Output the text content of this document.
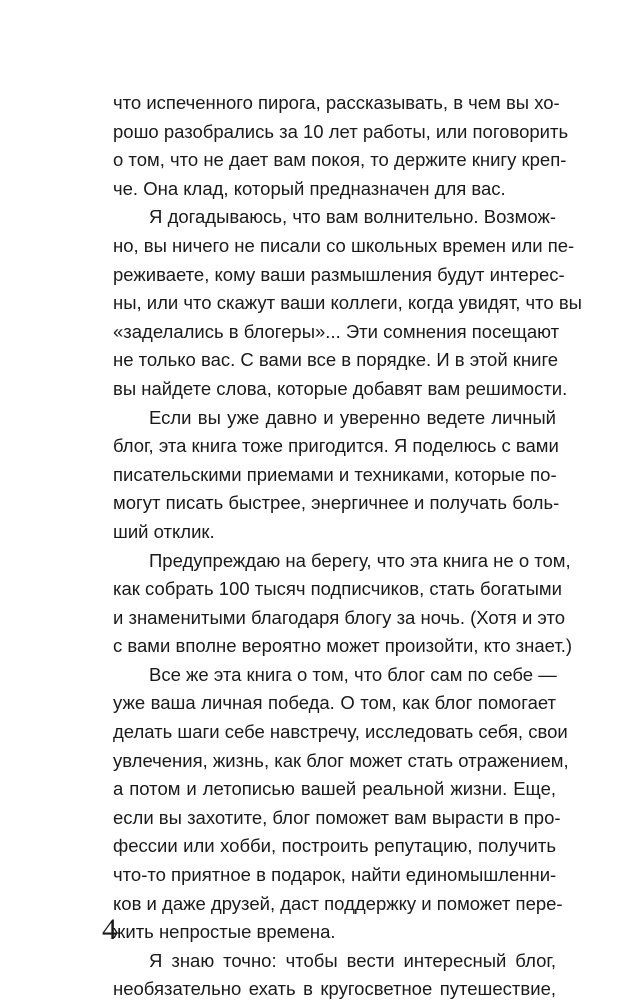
что испеченного пирога, рассказывать, в чем вы хо-
рошо разобрались за 10 лет работы, или поговорить
о том, что не дает вам покоя, то держите книгу креп-
че. Она клад, который предназначен для вас.
Я догадываюсь, что вам волнительно. Возмож-
но, вы ничего не писали со школьных времен или пе-
реживаете, кому ваши размышления будут интерес-
ны, или что скажут ваши коллеги, когда увидят, что вы
«заделались в блогеры»... Эти сомнения посещают
не только вас. С вами все в порядке. И в этой книге
вы найдете слова, которые добавят вам решимости.
Если вы уже давно и уверенно ведете личный
блог, эта книга тоже пригодится. Я поделюсь с вами
писательскими приемами и техниками, которые по-
могут писать быстрее, энергичнее и получать боль-
ший отклик.
Предупреждаю на берегу, что эта книга не о том,
как собрать 100 тысяч подписчиков, стать богатыми
и знаменитыми благодаря блогу за ночь. (Хотя и это
с вами вполне вероятно может произойти, кто знает.)
Все же эта книга о том, что блог сам по себе —
уже ваша личная победа. О том, как блог помогает
делать шаги себе навстречу, исследовать себя, свои
увлечения, жизнь, как блог может стать отражением,
а потом и летописью вашей реальной жизни. Еще,
если вы захотите, блог поможет вам вырасти в про-
фессии или хобби, построить репутацию, получить
что-то приятное в подарок, найти единомышленни-
ков и даже друзей, даст поддержку и поможет пере-
жить непростые времена.
Я знаю точно: чтобы вести интересный блог,
необязательно ехать в кругосветное путешествие,
4
